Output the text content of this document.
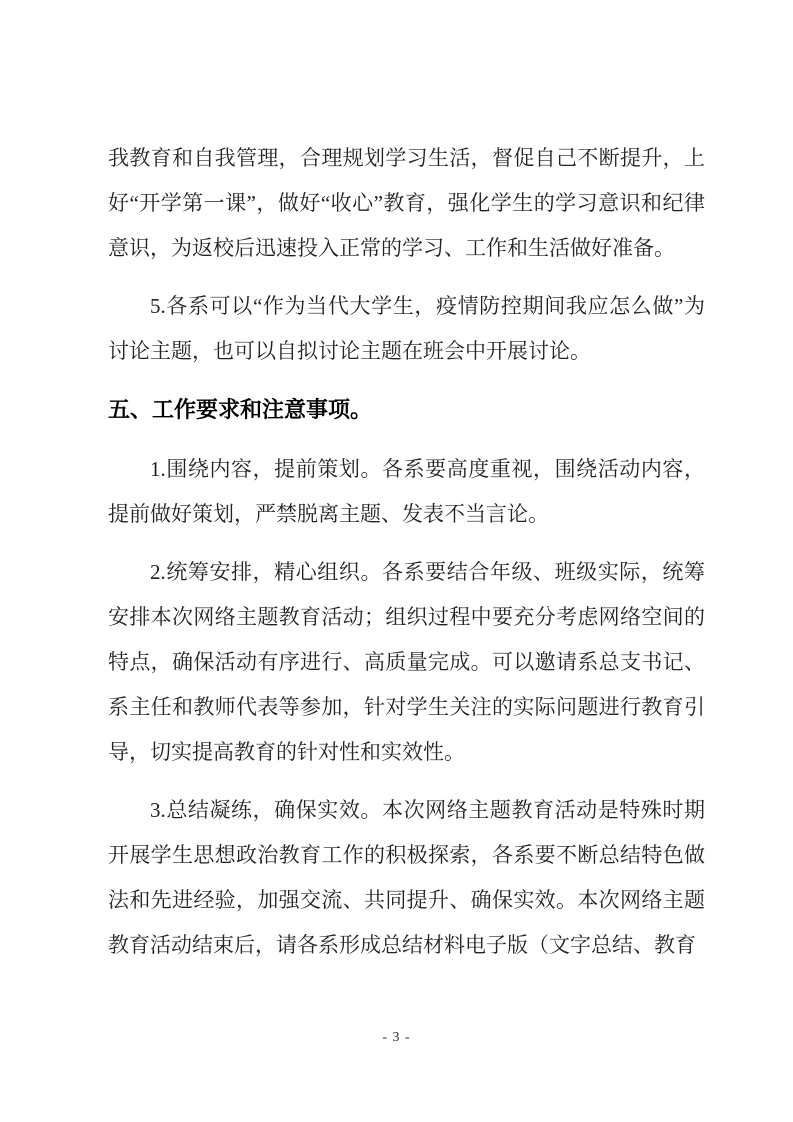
我教育和自我管理，合理规划学习生活，督促自己不断提升，上好“开学第一课”，做好“收心”教育，强化学生的学习意识和纪律意识，为返校后迅速投入正常的学习、工作和生活做好准备。

5.各系可以“作为当代大学生，疫情防控期间我应怎么做”为讨论主题，也可以自拟讨论主题在班会中开展讨论。

五、工作要求和注意事项。

1.围绕内容，提前策划。各系要高度重视，围绕活动内容，提前做好策划，严禁脱离主题、发表不当言论。

2.统筹安排，精心组织。各系要结合年级、班级实际，统筹安排本次网络主题教育活动；组织过程中要充分考虑网络空间的特点，确保活动有序进行、高质量完成。可以邀请系总支书记、系主任和教师代表等参加，针对学生关注的实际问题进行教育引导，切实提高教育的针对性和实效性。

3.总结凝练，确保实效。本次网络主题教育活动是特殊时期开展学生思想政治教育工作的积极探索，各系要不断总结特色做法和先进经验，加强交流、共同提升、确保实效。本次网络主题教育活动结束后，请各系形成总结材料电子版（文字总结、教育

- 3 -
